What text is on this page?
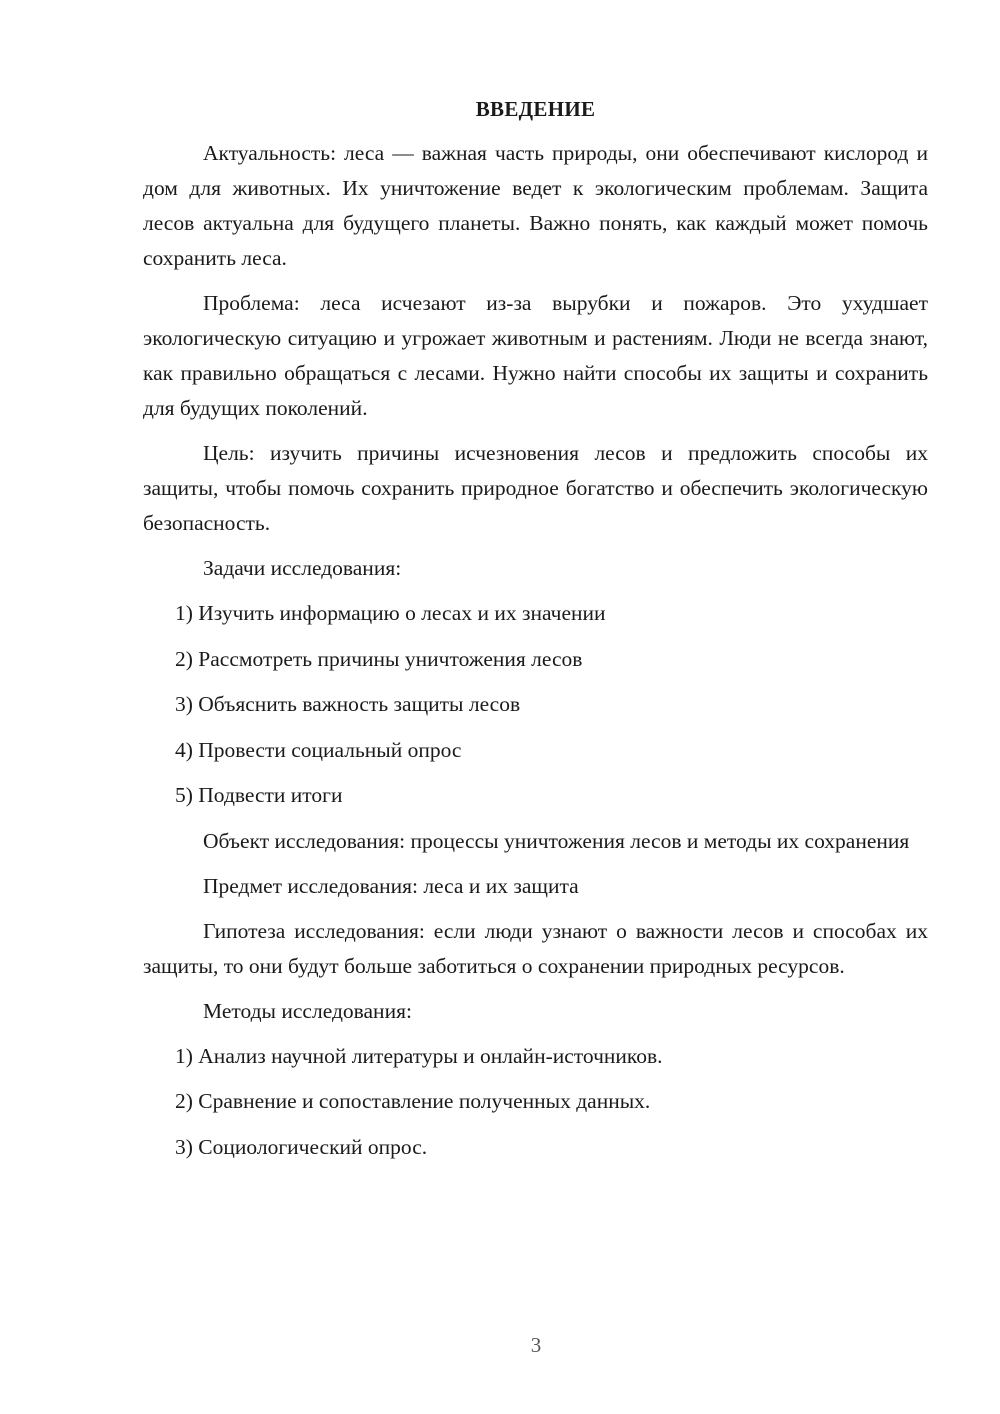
ВВЕДЕНИЕ

Актуальность: леса — важная часть природы, они обеспечивают кислород и дом для животных. Их уничтожение ведет к экологическим проблемам. Защита лесов актуальна для будущего планеты. Важно понять, как каждый может помочь сохранить леса.

Проблема: леса исчезают из-за вырубки и пожаров. Это ухудшает экологическую ситуацию и угрожает животным и растениям. Люди не всегда знают, как правильно обращаться с лесами. Нужно найти способы их защиты и сохранить для будущих поколений.

Цель: изучить причины исчезновения лесов и предложить способы их защиты, чтобы помочь сохранить природное богатство и обеспечить экологическую безопасность.

Задачи исследования:

1) Изучить информацию о лесах и их значении
2) Рассмотреть причины уничтожения лесов
3) Объяснить важность защиты лесов
4) Провести социальный опрос
5) Подвести итоги

Объект исследования: процессы уничтожения лесов и методы их сохранения

Предмет исследования: леса и их защита

Гипотеза исследования: если люди узнают о важности лесов и способах их защиты, то они будут больше заботиться о сохранении природных ресурсов.

Методы исследования:

1) Анализ научной литературы и онлайн-источников.
2) Сравнение и сопоставление полученных данных.
3) Социологический опрос.
3
